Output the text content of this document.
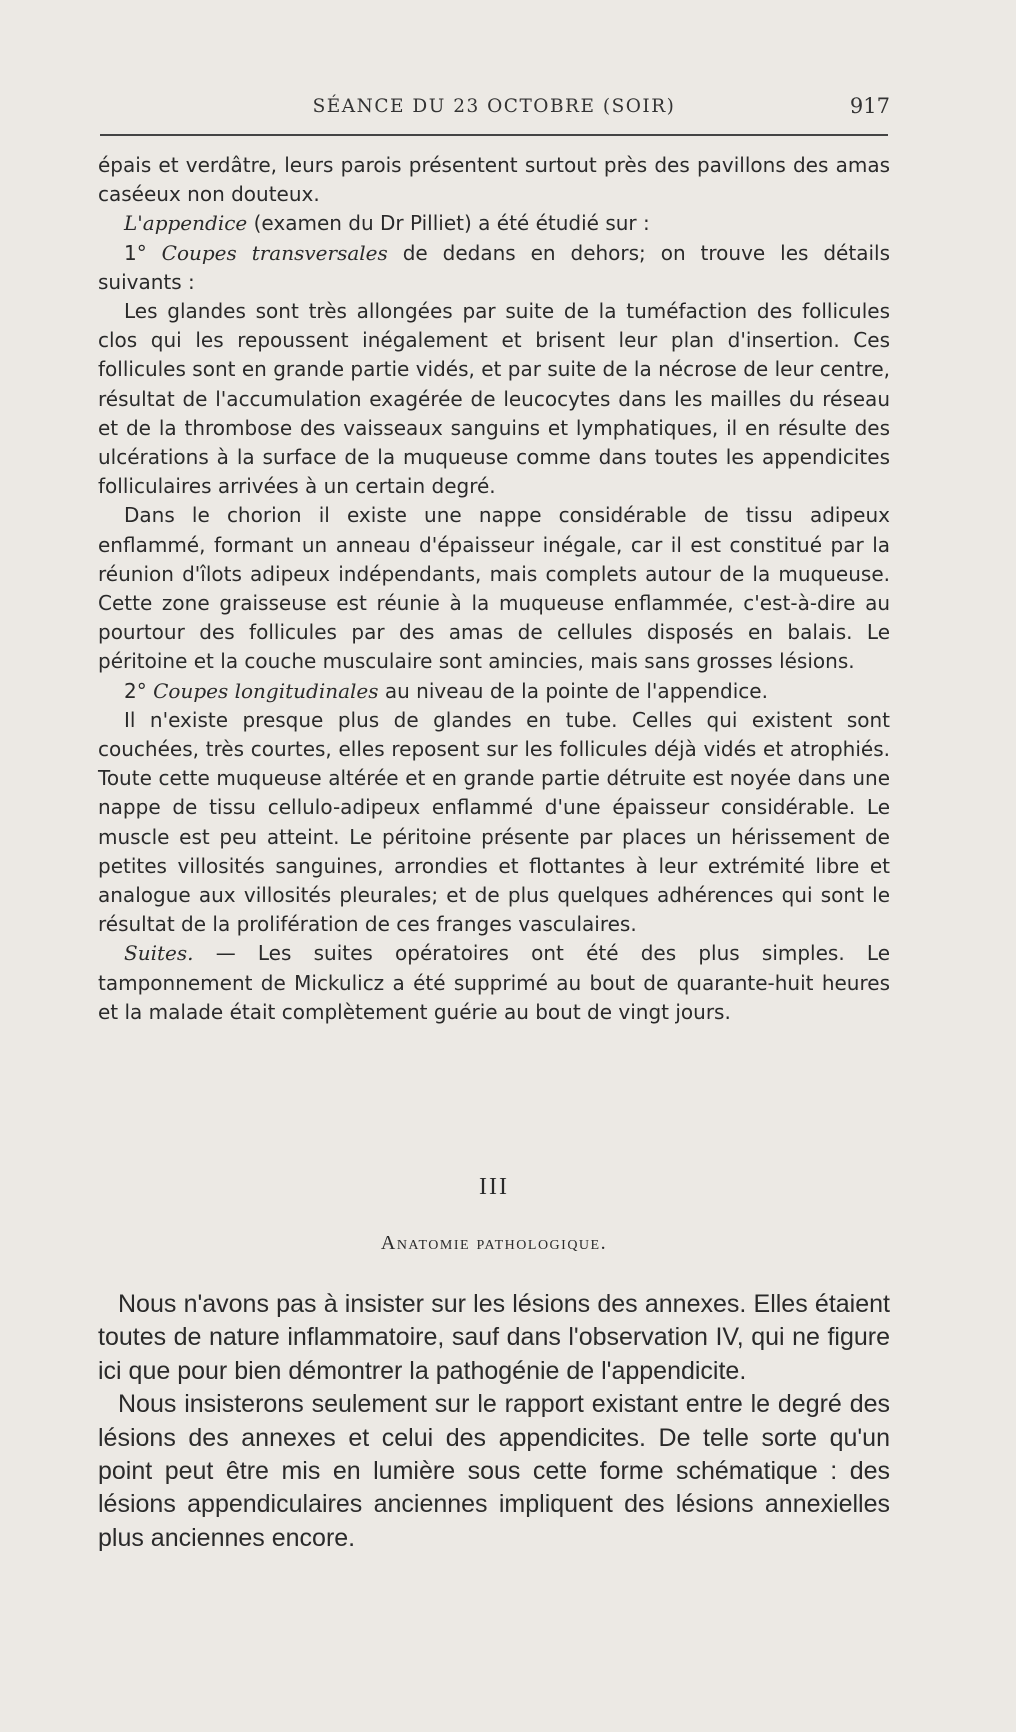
SÉANCE DU 23 OCTOBRE (SOIR)	917

épais et verdâtre, leurs parois présentent surtout près des pavillons des amas caséeux non douteux.

L'appendice (examen du Dr Pilliet) a été étudié sur :

1° Coupes transversales de dedans en dehors; on trouve les détails suivants :

Les glandes sont très allongées par suite de la tuméfaction des follicules clos qui les repoussent inégalement et brisent leur plan d'insertion. Ces follicules sont en grande partie vidés, et par suite de la nécrose de leur centre, résultat de l'accumulation exagérée de leucocytes dans les mailles du réseau et de la thrombose des vaisseaux sanguins et lymphatiques, il en résulte des ulcérations à la surface de la muqueuse comme dans toutes les appendicites folliculaires arrivées à un certain degré.

Dans le chorion il existe une nappe considérable de tissu adipeux enflammé, formant un anneau d'épaisseur inégale, car il est constitué par la réunion d'îlots adipeux indépendants, mais complets autour de la muqueuse. Cette zone graisseuse est réunie à la muqueuse enflammée, c'est-à-dire au pourtour des follicules par des amas de cellules disposés en balais. Le péritoine et la couche musculaire sont amincies, mais sans grosses lésions.

2° Coupes longitudinales au niveau de la pointe de l'appendice.

Il n'existe presque plus de glandes en tube. Celles qui existent sont couchées, très courtes, elles reposent sur les follicules déjà vidés et atrophiés. Toute cette muqueuse altérée et en grande partie détruite est noyée dans une nappe de tissu cellulo-adipeux enflammé d'une épaisseur considérable. Le muscle est peu atteint. Le péritoine présente par places un hérissement de petites villosités sanguines, arrondies et flottantes à leur extrémité libre et analogue aux villosités pleurales; et de plus quelques adhérences qui sont le résultat de la prolifération de ces franges vasculaires.

Suites. — Les suites opératoires ont été des plus simples. Le tamponnement de Mickulicz a été supprimé au bout de quarante-huit heures et la malade était complètement guérie au bout de vingt jours.

III
Anatomie pathologique.

Nous n'avons pas à insister sur les lésions des annexes. Elles étaient toutes de nature inflammatoire, sauf dans l'observation IV, qui ne figure ici que pour bien démontrer la pathogénie de l'appendicite.

Nous insisterons seulement sur le rapport existant entre le degré des lésions des annexes et celui des appendicites. De telle sorte qu'un point peut être mis en lumière sous cette forme schématique : des lésions appendiculaires anciennes impliquent des lésions annexielles plus anciennes encore.
